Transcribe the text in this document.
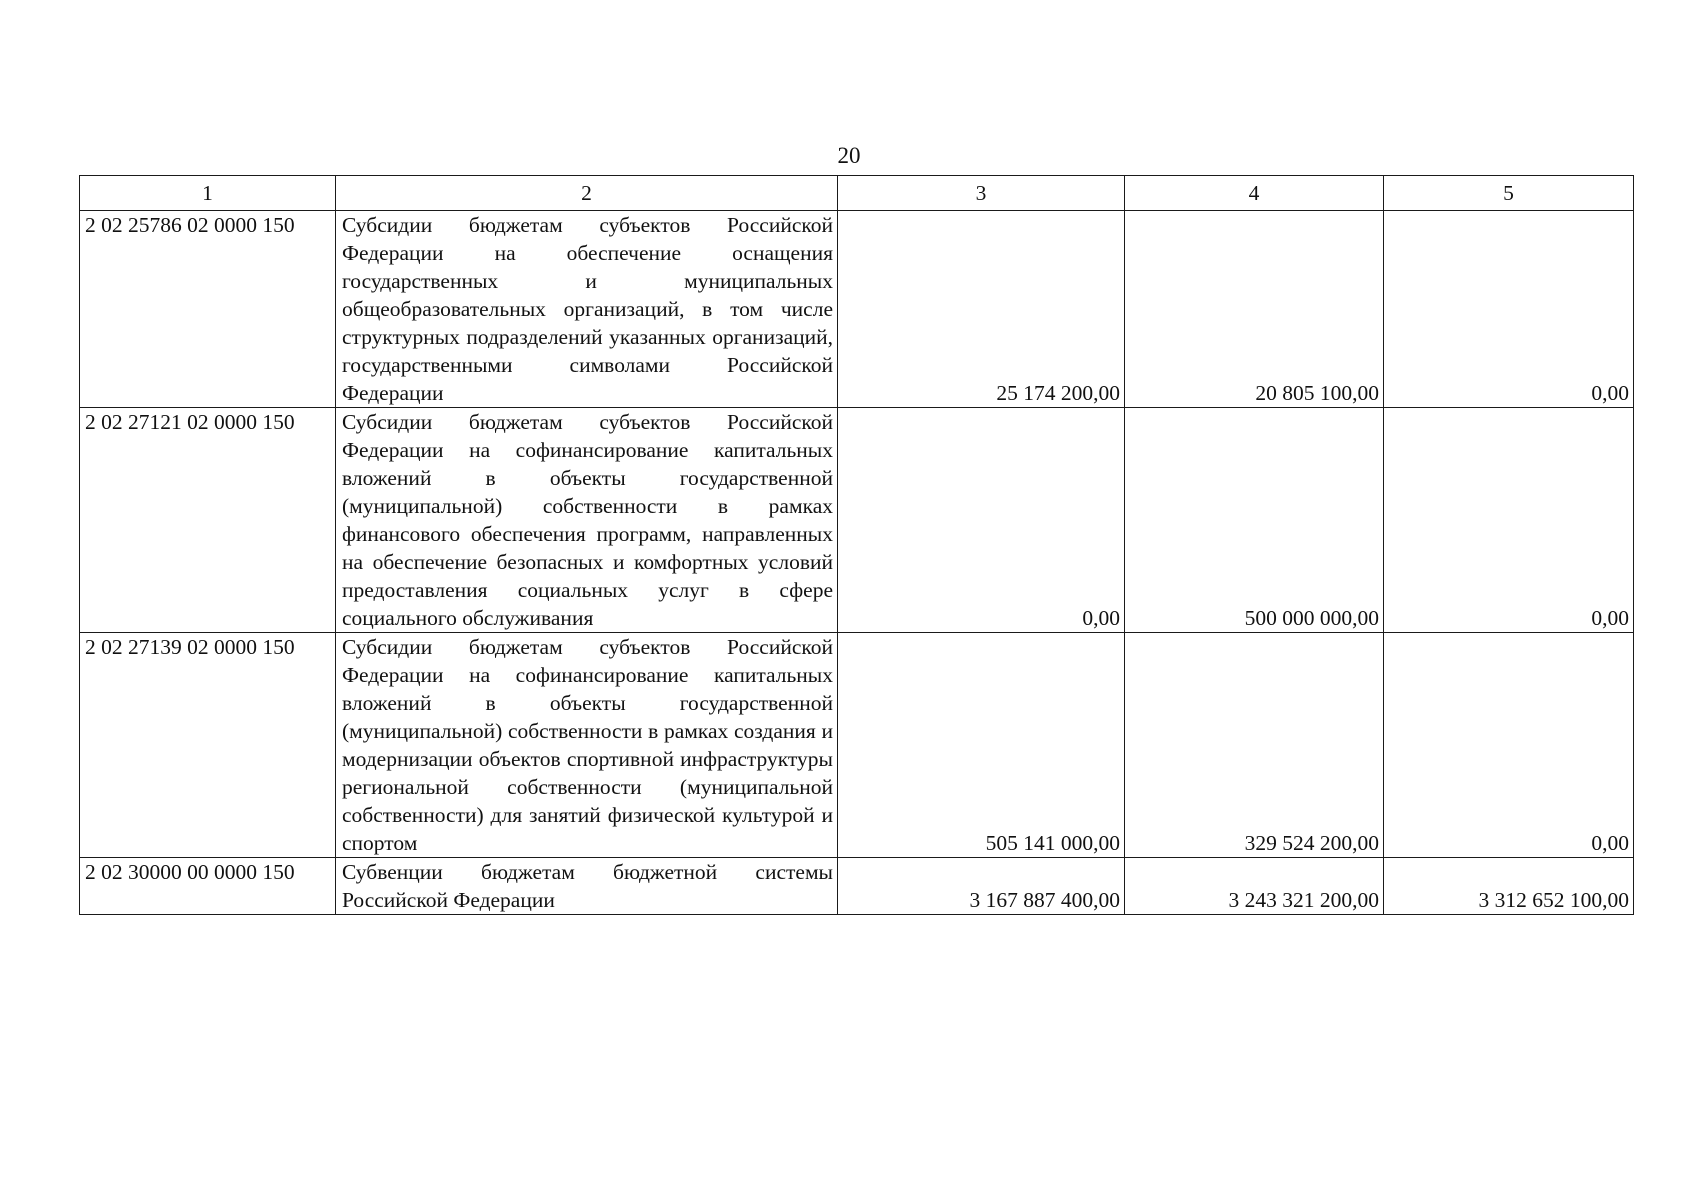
20
1	2	3	4	5
2 02 25786 02 0000 150	Субсидии бюджетам субъектов Российской Федерации на обеспечение оснащения государственных и муниципальных общеобразовательных организаций, в том числе структурных подразделений указанных организаций, государственными символами Российской Федерации	25 174 200,00	20 805 100,00	0,00
2 02 27121 02 0000 150	Субсидии бюджетам субъектов Российской Федерации на софинансирование капитальных вложений в объекты государственной (муниципальной) собственности в рамках финансового обеспечения программ, направленных на обеспечение безопасных и комфортных условий предоставления социальных услуг в сфере социального обслуживания	0,00	500 000 000,00	0,00
2 02 27139 02 0000 150	Субсидии бюджетам субъектов Российской Федерации на софинансирование капитальных вложений в объекты государственной (муниципальной) собственности в рамках создания и модернизации объектов спортивной инфраструктуры региональной собственности (муниципальной собственности) для занятий физической культурой и спортом	505 141 000,00	329 524 200,00	0,00
2 02 30000 00 0000 150	Субвенции бюджетам бюджетной системы Российской Федерации	3 167 887 400,00	3 243 321 200,00	3 312 652 100,00
